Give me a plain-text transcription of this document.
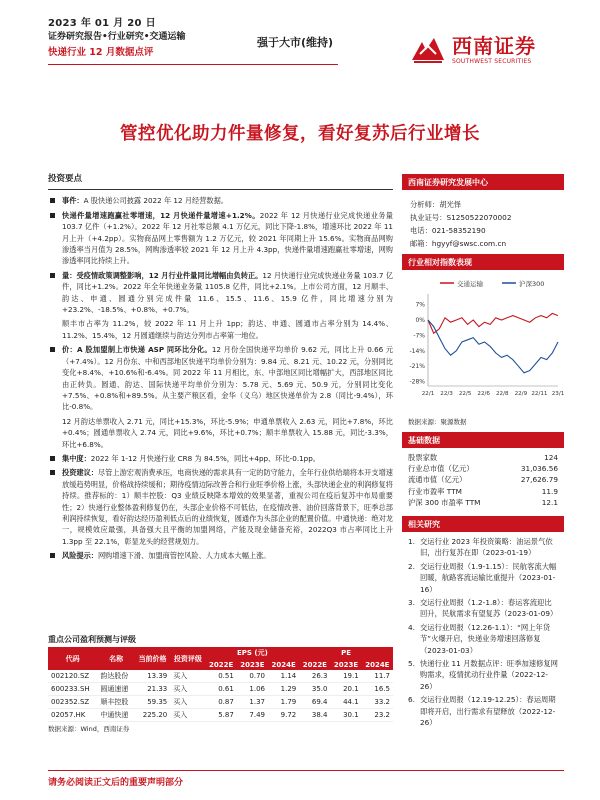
2023 年 01 月 20 日
证券研究报告•行业研究•交通运输
快递行业 12 月数据点评
强于大市(维持)	西南证券
SOUTHWEST SECURITIES
管控优化助力件量修复，看好复苏后行业增长
投资要点
事件：A 股快递公司披露 2022 年 12 月经营数据。
快递件量增速跑赢社零增速，12 月快递件量增速+1.2%。2022 年 12 月快递行业完成快递业务量 103.7 亿件（+1.2%）。2022 年 12 月社零总额 4.1 万亿元，同比下降-1.8%，增速环比 2022 年 11 月上升（+4.2pp）。实物商品网上零售额为 1.2 万亿元，较 2021 年同期上升 15.6%。实物商品网购渗透率当月值为 28.5%，网购渗透率较 2021 年 12 月上升 4.3pp，快递件量增速跑赢社零增速，网购渗透率同比持续上升。
量：受疫情政策调整影响，12 月行业件量同比增幅由负转正。12 月快递行业完成快递业务量 103.7 亿件，同比+1.2%。2022 年全年快递业务量 1105.8 亿件，同比+2.1%。上市公司方面，12 月顺丰、韵达、申通、圆通分别完成件量 11.6、15.5、11.6、15.9 亿件，同比增速分别为+23.2%、-18.5%、+0.8%、+0.7%。
顺丰市占率为 11.2%，较 2022 年 11 月上升 1pp；韵达、申通、圆通市占率分别为 14.4%、11.2%、15.4%，12 月圆通继续与韵达分列市占率第一地位。
价：A 股加盟制上市快递 ASP 同环比分化。12 月份全国快递平均单价 9.62 元，同比上升 0.66 元（+7.4%）。12 月份东、中和西部地区快递平均单价分别为：9.84 元、8.21 元、10.22 元，分别同比变化+8.4%、+10.6%和-6.4%。同 2022 年 11 月相比，东、中部地区同比增幅扩大，西部地区同比由正转负。圆通、韵达、国际快递平均单价分别为：5.78 元、5.69 元、50.9 元，分别同比变化+7.5%、+0.8%和+89.5%。从主要产粮区看，金华（义乌）地区快递单价为 2.8（同比-9.4%），环比-0.8%。
12 月韵达单票收入 2.71 元，同比+15.3%，环比-5.9%；申通单票收入 2.63 元，同比+7.8%，环比+0.4%；圆通单票收入 2.74 元，同比+9.6%，环比+0.7%；顺丰单票收入 15.88 元，同比-3.3%，环比+6.8%。
集中度：2022 年 1-12 月快递行业 CR8 为 84.5%，同比+4pp、环比-0.1pp。
投资建议：尽管上游宏观消费承压，电商快递的需求具有一定的防守能力，全年行业供给端将本开支增速放缓趋势明显，价格战持续缓和；期待疫情边际改善合和行业旺季价格上涨，头部快递企业的利润修复将持续。推荐标的：1）顺丰控股：Q3 业绩反映降本增效的效果显著，重视公司在疫后复苏中布局重要性；2）快递行业整体盈利修复仍在，头部企业价格不可低估，在疫情改善、油价回落背景下，旺季总部利润持续恢复，看好韵达经历盈利低点后的业绩恢复，圆通作为头部企业的配置价值。中通快递：绝对龙一，规模效应最强，具备强大且平衡的加盟网络，产能及现金储备充裕，2022Q3 市占率同比上升 1.3pp 至 22.1%，彰显龙头的经营规划力。
风险提示：网购增速下滑、加盟商管控风险、人力成本大幅上涨。
重点公司盈利预测与评级
代码	名称	当前价格	投资评级	EPS (元)			PE		
				2022E	2023E	2024E	2022E	2023E	2024E
002120.SZ	韵达股份	13.39	买入	0.51	0.70	1.14	26.3	19.1	11.7
600233.SH	圆通速递	21.33	买入	0.61	1.06	1.29	35.0	20.1	16.5
002352.SZ	顺丰控股	59.35	买入	0.87	1.37	1.79	69.4	44.1	33.2
02057.HK	中通快递	225.20	买入	5.87	7.49	9.72	38.4	30.1	23.2
数据来源：Wind，西南证券
西南证券研究发展中心
分析师：胡光怿
执业证号：S1250522070002
电话：021-58352190
邮箱：hgyyf@swsc.com.cn
行业相对指数表现
交通运输	沪深300
7%
0%
-7%
-14%
-21%
-28%
22/1 22/3 22/5 22/6 22/8 22/9 22/11 23/1
数据来源：聚源数据
基础数据
股票家数	124
行业总市值（亿元）	31,036.56
流通市值（亿元）	27,626.79
行业市盈率 TTM	11.9
沪深 300 市盈率 TTM	12.1
相关研究
1. 交运行业 2023 年投资策略：油运景气依旧，出行复苏在即（2023-01-19）
2. 交运行业周报（1.9-1.15）：民航客流大幅回暖，航路客流运输比重提升（2023-01-16）
3. 交运行业周报（1.2-1.8）：春运客流迎比回升，民航需求有望复苏（2023-01-09）
4. 交运行业周报（12.26-1.1）：“网上年货节”火爆开启，快递业务增速回落修复（2023-01-03）
5. 快递行业 11 月数据点评：旺季加速修复网购需求，疫情扰动行业件量（2022-12-26）
6. 交运行业周报（12.19-12.25）：春运周期即将开启，出行需求有望释放（2022-12-26）
请务必阅读正文后的重要声明部分
